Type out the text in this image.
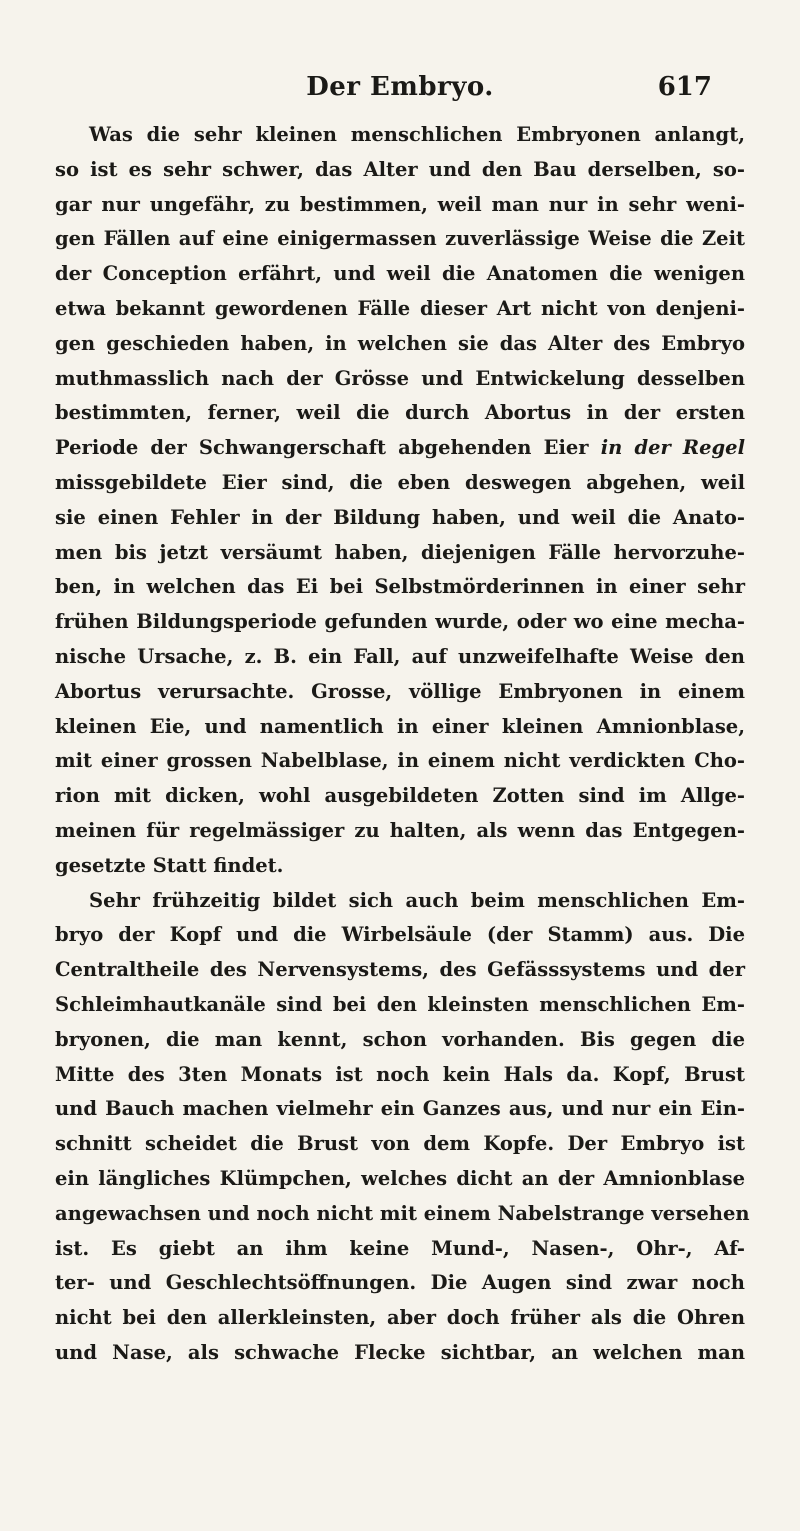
Der Embryo.	617
Was die sehr kleinen menschlichen Embryonen anlangt,
so ist es sehr schwer, das Alter und den Bau derselben, so-
gar nur ungefähr, zu bestimmen, weil man nur in sehr weni-
gen Fällen auf eine einigermassen zuverlässige Weise die Zeit
der Conception erfährt, und weil die Anatomen die wenigen
etwa bekannt gewordenen Fälle dieser Art nicht von denjeni-
gen geschieden haben, in welchen sie das Alter des Embryo
muthmasslich nach der Grösse und Entwickelung desselben
bestimmten, ferner, weil die durch Abortus in der ersten
Periode der Schwangerschaft abgehenden Eier in der Regel
missgebildete Eier sind, die eben deswegen abgehen, weil
sie einen Fehler in der Bildung haben, und weil die Anato-
men bis jetzt versäumt haben, diejenigen Fälle hervorzuhe-
ben, in welchen das Ei bei Selbstmörderinnen in einer sehr
frühen Bildungsperiode gefunden wurde, oder wo eine mecha-
nische Ursache, z. B. ein Fall, auf unzweifelhafte Weise den
Abortus verursachte. Grosse, völlige Embryonen in einem
kleinen Eie, und namentlich in einer kleinen Amnionblase,
mit einer grossen Nabelblase, in einem nicht verdickten Cho-
rion mit dicken, wohl ausgebildeten Zotten sind im Allge-
meinen für regelmässiger zu halten, als wenn das Entgegen-
gesetzte Statt findet.
Sehr frühzeitig bildet sich auch beim menschlichen Em-
bryo der Kopf und die Wirbelsäule (der Stamm) aus. Die
Centraltheile des Nervensystems, des Gefässsystems und der
Schleimhautkanäle sind bei den kleinsten menschlichen Em-
bryonen, die man kennt, schon vorhanden. Bis gegen die
Mitte des 3ten Monats ist noch kein Hals da. Kopf, Brust
und Bauch machen vielmehr ein Ganzes aus, und nur ein Ein-
schnitt scheidet die Brust von dem Kopfe. Der Embryo ist
ein längliches Klümpchen, welches dicht an der Amnionblase
angewachsen und noch nicht mit einem Nabelstrange versehen
ist. Es giebt an ihm keine Mund-, Nasen-, Ohr-, Af-
ter- und Geschlechtsöffnungen. Die Augen sind zwar noch
nicht bei den allerkleinsten, aber doch früher als die Ohren
und Nase, als schwache Flecke sichtbar, an welchen man
